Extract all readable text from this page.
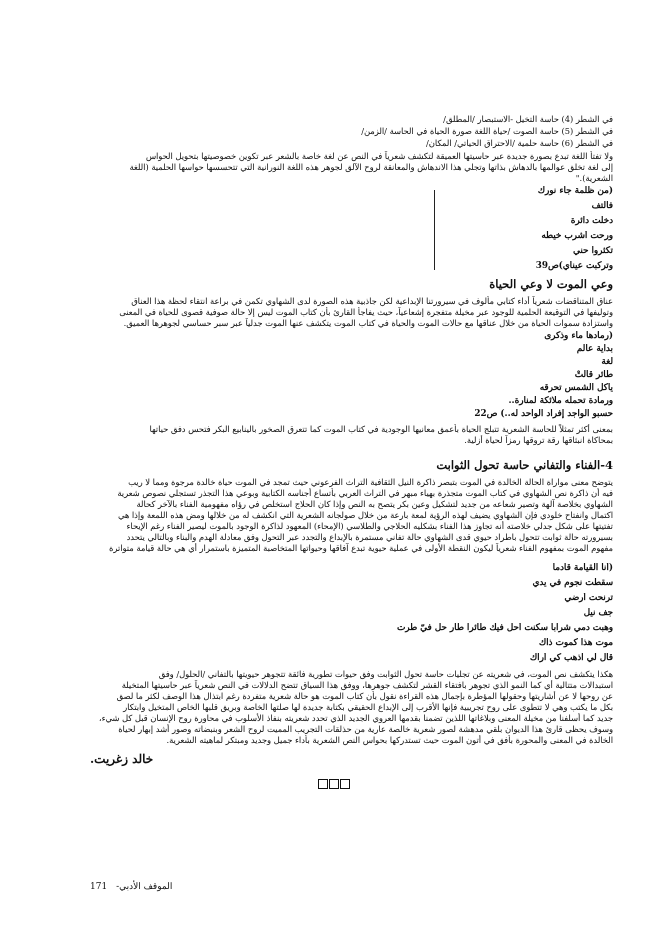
في الشطر (4) حاسة التخيل -الاستبصار /المطلق/
في الشطر (5) حاسة الصوت /حياة اللغة صورة الحياة في الحاسة /الزمن/
في الشطر (6) حاسة حلمية /الاحتراق الحياتي/ المكان/
ولا تفتأ اللغة تبدع بصورة جديدة عبر حاسيتها العميقة لتكشف شعرياً في النص عن لغة خاصة بالشعر عبر تكوين خصوصيتها بتحويل الحواس
إلى لغة تخلق عوالمها بالدهاش بذاتها وتجلي هذا الاندهاش والمعانقة لروح الآلق لجوهر هذه اللغة النورانية التي تتحسسها حواسها الحلمية (اللغة
الشعرية)."
(من ظلمة جاء نورك
فالتف
دخلت دائرة
ورحت أشرب خيطه
تكثروا حني
وتركبت عيناي)ص39
وعي الموت لا وعي الحياة
عناق المتناقضات شعرياً أداء كتابي مألوف في سيرورتنا الإبداعية لكن جاذبية هذه الصورة لدى الشهاوي تكمن في براعة انتقاء لحظة هذا العناق
وتوليفها في التوقيعة الحلمية للوجود عبر مخيلة متفجرة إشعاعياً، حيث يفاجأ القارئ بأن كتاب الموت ليس إلا حالة صوفية قصوى للحياة في المعنى
واستزادة سموات الحياة من خلال عناقها مع حالات الموت والحياة في كتاب الموت يتكشف عنها الموت جدلياً عبر سبر حساسي لجوهرها العميق.
(رمادها ماء وذكرى
بداية عالم
لغة
طائر قالتْ
يأكل الشمس تحرقه
ورمادة تحمله ملائكة لمنارة..
حسبو الواجد إفراد الواحد له..) ص22
بمعنى أكثر تمثلاً للحاسة الشعرية تتبلج الحياة بأعمق معانيها الوجودية في كتاب الموت كما تتعرق الصخور بالينابيع البكر فتحس دفق حياتها
بمحاكاة انبثاقها رقة تروقها رمزاً لحياة أزلية.
4-الفناء والتفاني حاسة تحول الثوابت
يتوضح معنى مواراة الحالة الخالدة في الموت بتبصر ذاكرة النيل الثقافية التراث الفرعوني حيث تمجد في الموت حياة خالدة مرجوة ومما لا ريب
فيه أن ذاكرة نص الشهاوي في كتاب الموت متجذرة بهياء مبهر في التراث العربي بأتساع أجناسه الكتابية وبوعي هذا التجذر تستجلي نصوص شعرية
الشهاوي بخلاصة آلهة وتصير شعاعه من جديد لتشكيل وعين بكر يتصح به النص وإذا كان الحلاج استخلص في رؤاه مفهومية الفناء بالآخر كحالة
اكتمال وانفتاح خلودي فإن الشهاوي يضيف لهذه الرؤية لمعة بارعة من خلال صولجانه الشعرية التي انكشف له من خلالها ومض هذه اللمعة وإذا هي
تفتيتها على شكل جدلي خلاصته أنه تجاوز هذا الفناء بشكليه الحلاجي والطلاسي (الإمحاء) المعهود لذاكرة الوجود بالموت ليصير الفناء رغم الإيحاء
بسيرورته حالة ثوابت تتحول باطراد حيوي قدى الشهاوي حالة تفاني مستمرة بالإبداع والتجدد عبر التحول وفق معادلة الهدم والبناء وبالتالي يتحدد
مفهوم الموت بمفهوم الفناء شعرياً ليكون النقطة الأولى في عملية حيوية تبدع آفاقها وحيواتها المتخاصبة المتميزة باستمرار أي هي حالة قيامة متواترة
(أنا القيامة قادماً
سقطت نجوم في يدي
ترنحت أرضي
جف نيل
وهبت دمي شراباً سكنت أحل فيك طائراً طار حل فيّ طرت
موت هذا كموت ذاك
قال لي اذهب كي أراك
هكذا يتكشف نص الموت، في شعريته عن تجليات حاسة تحول الثوابت وفق حيوات تطورية فائقة تتجوهر حيويتها بالتفاني /الحلول/ وفق
استبدالات متتالية أي كما النمو الذي تجوهر بافتقاء القشر لتكشف جوهرها، ووفق هذا السياق تتضح الدلالات في النص شعرياً عبر حاسيتها المتخيلة
عن روحها لا عن أشاريتها وحقولها المؤطرة بإجمال هذه القراءة نقول بأن كتاب الموت هو حالة شعرية متفردة رغم ابتذال هذا الوصف لكثر ما لصق
بكل ما يكتب وهي لا تتطوى على روح تجريبية فإنها الأقرب إلى الإبداع الحقيقي بكتابة جديدة لها صلتها الخاصة وبريق قلبها الخاص المتخيل وابتكار
جديد كما أسلفنا من مخيلة المعنى وبلاغاتها اللذين تضمنا بقدمها العروي الجديد الذي تحدد شعريته بنفاذ الأسلوب في محاورة روح الإنسان قبل كل شيء،
وسوف يحظى قارئ هذا الديوان بلقي مدهشة لصور شعرية خالصة عارية من حذلقات التجريب المميت لروح الشعر وبنبضاته وصور أشد إبهار لحياة
الخالدة في المعنى والمحورة بأفق في أتون الموت حيث تستدركها بحواس النص الشعرية بأداء جميل وجديد ومبتكر لماهيته الشعرية.
خالد زغريت.
الموقف الأدبي- 171
